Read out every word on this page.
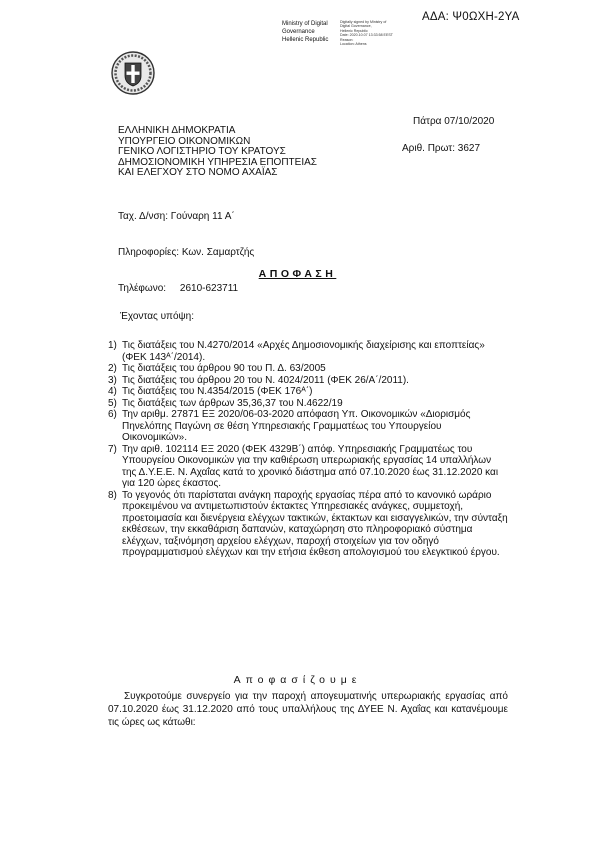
ΑΔΑ: Ψ0ΩΧΗ-2ΥΑ
Ministry of Digital
Governance
Hellenic Republic
Digitally signed by Ministry of
Digital Governance,
Hellenic Republic
Date: 2020.10.07 13:33:58 EEST
Reason:
Location: Athens
ΕΛΛΗΝΙΚΗ ΔΗΜΟΚΡΑΤΙΑ
ΥΠΟΥΡΓΕΙΟ ΟΙΚΟΝΟΜΙΚΩΝ
ΓΕΝΙΚΟ ΛΟΓΙΣΤΗΡΙΟ ΤΟΥ ΚΡΑΤΟΥΣ
ΔΗΜΟΣΙΟΝΟΜΙΚΗ ΥΠΗΡΕΣΙΑ ΕΠΟΠΤΕΙΑΣ
ΚΑΙ ΕΛΕΓΧΟΥ ΣΤΟ ΝΟΜΟ ΑΧΑΪΑΣ

Ταχ. Δ/νση: Γούναρη 11 Α΄

Πληροφορίες: Κων. Σαμαρτζής

Τηλέφωνο:     2610-623711

Πάτρα 07/10/2020
Αριθ. Πρωτ: 3627
ΑΠΟΦΑΣΗ
Έχοντας υπόψη:
1) Τις διατάξεις του Ν.4270/2014 «Αρχές Δημοσιονομικής διαχείρισης και εποπτείας» (ΦΕΚ 143ᴬ΄/2014).
2) Τις διατάξεις του άρθρου 90 του Π. Δ. 63/2005
3) Τις διατάξεις του άρθρου 20 του Ν. 4024/2011 (ΦΕΚ 26/Α΄/2011).
4) Τις διατάξεις του Ν.4354/2015 (ΦΕΚ 176ᴬ΄)
5) Τις διατάξεις των άρθρων 35,36,37 του Ν.4622/19
6) Την αριθμ. 27871 ΕΞ 2020/06-03-2020 απόφαση Υπ. Οικονομικών «Διορισμός Πηνελόπης Παγώνη σε θέση Υπηρεσιακής Γραμματέως του Υπουργείου Οικονομικών».
7) Την αριθ. 102114 ΕΞ 2020 (ΦΕΚ 4329Β΄) απόφ. Υπηρεσιακής Γραμματέως του Υπουργείου Οικονομικών για την καθιέρωση υπερωριακής εργασίας 14 υπαλλήλων της Δ.Υ.Ε.Ε. Ν. Αχαΐας κατά το χρονικό διάστημα από 07.10.2020 έως 31.12.2020 και για 120 ώρες έκαστος.
8) Το γεγονός ότι παρίσταται ανάγκη παροχής εργασίας πέρα από το κανονικό ωράριο προκειμένου να αντιμετωπιστούν έκτακτες Υπηρεσιακές ανάγκες, συμμετοχή, προετοιμασία και διενέργεια ελέγχων τακτικών, έκτακτων και εισαγγελικών, την σύνταξη εκθέσεων, την εκκαθάριση δαπανών, καταχώρηση στο πληροφοριακό σύστημα ελέγχων, ταξινόμηση αρχείου ελέγχων, παροχή στοιχείων για τον οδηγό προγραμματισμού ελέγχων και την ετήσια έκθεση απολογισμού του ελεγκτικού έργου.
Αποφασίζουμε
Συγκροτούμε συνεργείο για την παροχή απογευματινής υπερωριακής εργασίας από 07.10.2020 έως 31.12.2020 από τους υπαλλήλους της ΔΥΕΕ Ν. Αχαΐας και κατανέμουμε τις ώρες ως κάτωθι:
